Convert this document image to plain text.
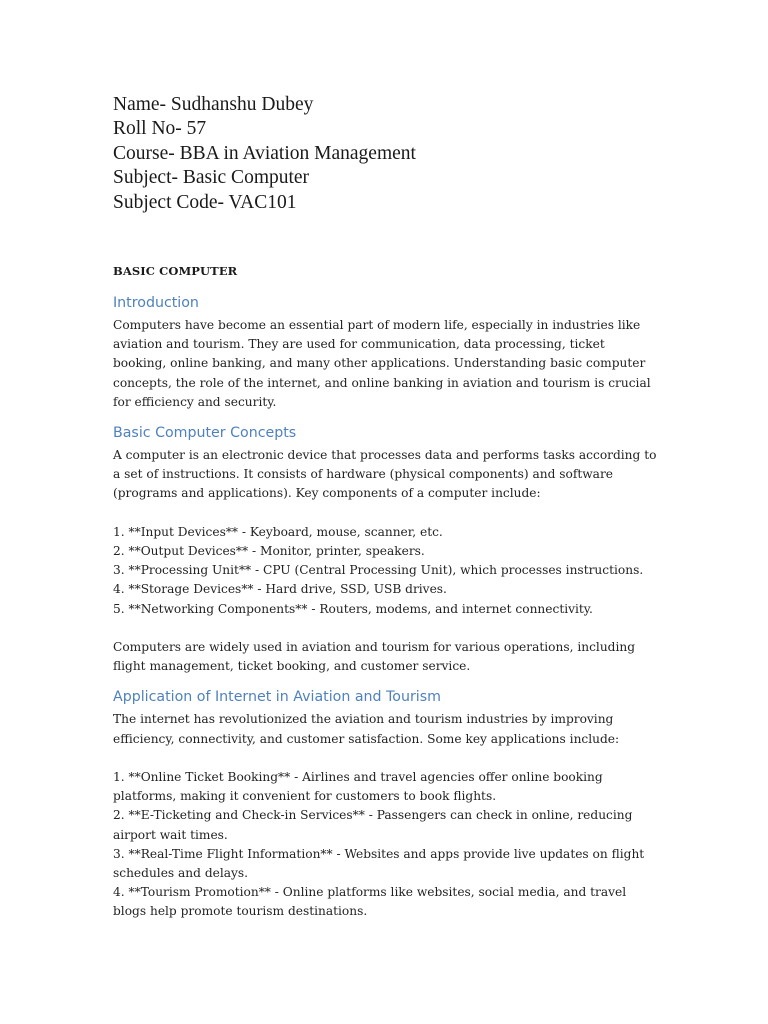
Name- Sudhanshu Dubey
Roll No- 57
Course- BBA in Aviation Management
Subject- Basic Computer
Subject Code- VAC101
BASIC COMPUTER
Introduction

Computers have become an essential part of modern life, especially in industries like aviation and tourism. They are used for communication, data processing, ticket booking, online banking, and many other applications. Understanding basic computer concepts, the role of the internet, and online banking in aviation and tourism is crucial for efficiency and security.

Basic Computer Concepts

A computer is an electronic device that processes data and performs tasks according to a set of instructions. It consists of hardware (physical components) and software (programs and applications). Key components of a computer include:

1. **Input Devices** - Keyboard, mouse, scanner, etc.
2. **Output Devices** - Monitor, printer, speakers.
3. **Processing Unit** - CPU (Central Processing Unit), which processes instructions.
4. **Storage Devices** - Hard drive, SSD, USB drives.
5. **Networking Components** - Routers, modems, and internet connectivity.

Computers are widely used in aviation and tourism for various operations, including flight management, ticket booking, and customer service.

Application of Internet in Aviation and Tourism

The internet has revolutionized the aviation and tourism industries by improving efficiency, connectivity, and customer satisfaction. Some key applications include:

1. **Online Ticket Booking** - Airlines and travel agencies offer online booking platforms, making it convenient for customers to book flights.
2. **E-Ticketing and Check-in Services** - Passengers can check in online, reducing airport wait times.
3. **Real-Time Flight Information** - Websites and apps provide live updates on flight schedules and delays.
4. **Tourism Promotion** - Online platforms like websites, social media, and travel blogs help promote tourism destinations.
